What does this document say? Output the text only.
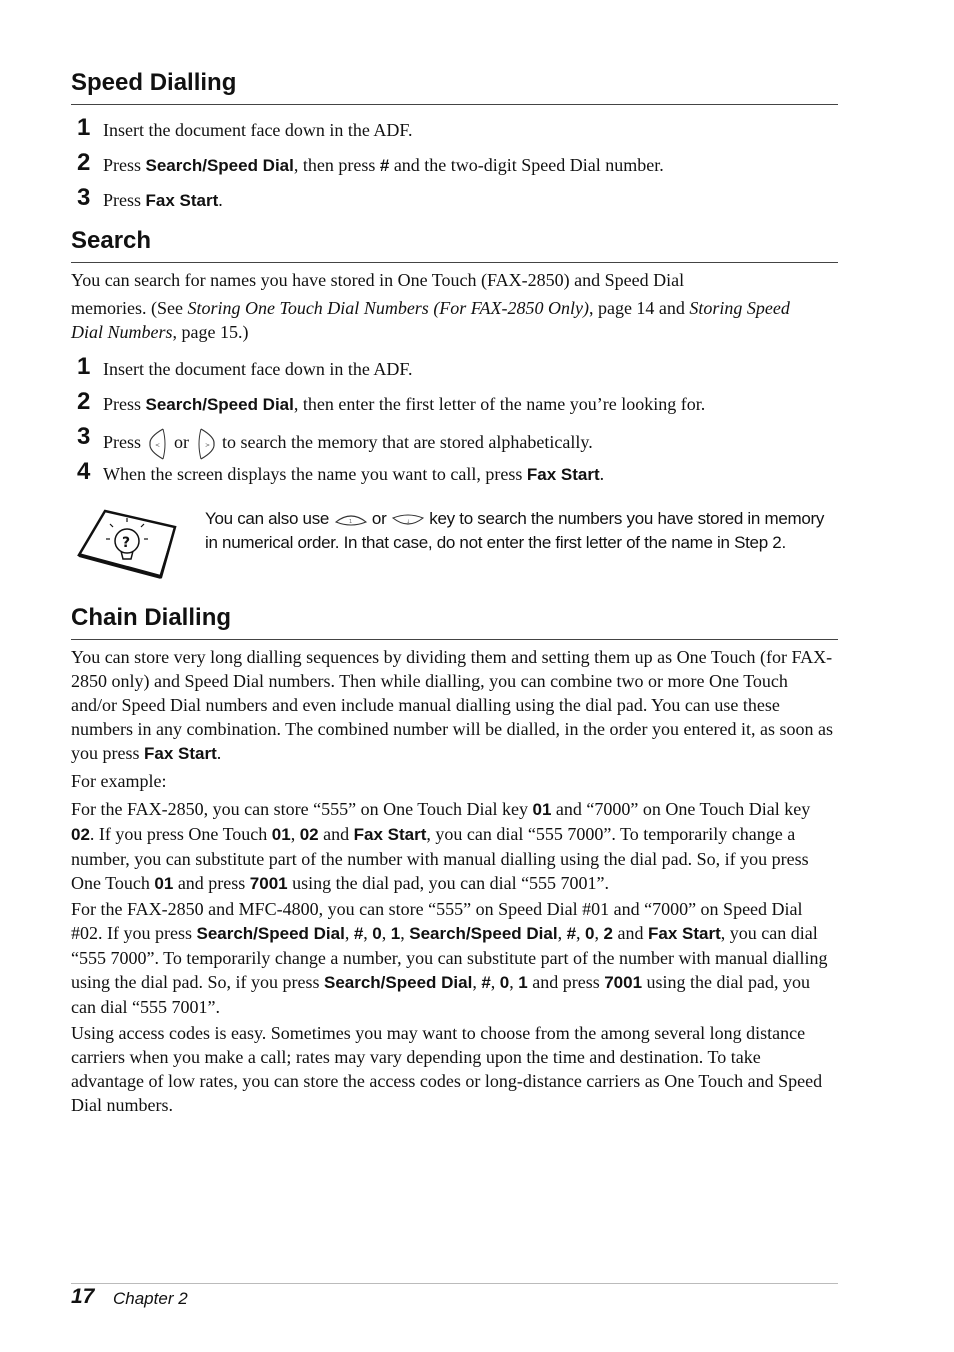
Speed Dialling
1 Insert the document face down in the ADF.
2 Press Search/Speed Dial, then press # and the two-digit Speed Dial number.
3 Press Fax Start.
Search
You can search for names you have stored in One Touch (FAX-2850) and Speed Dial
memories. (See Storing One Touch Dial Numbers (For FAX-2850 Only), page 14 and Storing Speed
Dial Numbers, page 15.)
1 Insert the document face down in the ADF.
2 Press Search/Speed Dial, then enter the first letter of the name you’re looking for.
3 Press < or > to search the memory that are stored alphabetically.
4 When the screen displays the name you want to call, press Fax Start.
?
You can also use	1 or	↓ key to search the numbers you have stored in memory in numerical order. In that case, do not enter the first letter of the name in Step 2.
Chain Dialling
You can store very long dialling sequences by dividing them and setting them up as One Touch (for FAX-2850 only) and Speed Dial numbers. Then while dialling, you can combine two or more One Touch and/or Speed Dial numbers and even include manual dialling using the dial pad. You can use these numbers in any combination. The combined number will be dialled, in the order you entered it, as soon as you press Fax Start.
For example:
For the FAX-2850, you can store “555” on One Touch Dial key 01 and “7000” on One Touch Dial key 02. If you press One Touch 01, 02 and Fax Start, you can dial “555 7000”. To temporarily change a number, you can substitute part of the number with manual dialling using the dial pad. So, if you press One Touch 01 and press 7001 using the dial pad, you can dial “555 7001”.
For the FAX-2850 and MFC-4800, you can store “555” on Speed Dial #01 and “7000” on Speed Dial #02. If you press Search/Speed Dial, #, 0, 1, Search/Speed Dial, #, 0, 2 and Fax Start, you can dial “555 7000”. To temporarily change a number, you can substitute part of the number with manual dialling using the dial pad. So, if you press Search/Speed Dial, #, 0, 1 and press 7001 using the dial pad, you can dial “555 7001”.
Using access codes is easy. Sometimes you may want to choose from the among several long distance carriers when you make a call; rates may vary depending upon the time and destination. To take advantage of low rates, you can store the access codes or long-distance carriers as One Touch and Speed Dial numbers.
17 Chapter 2
